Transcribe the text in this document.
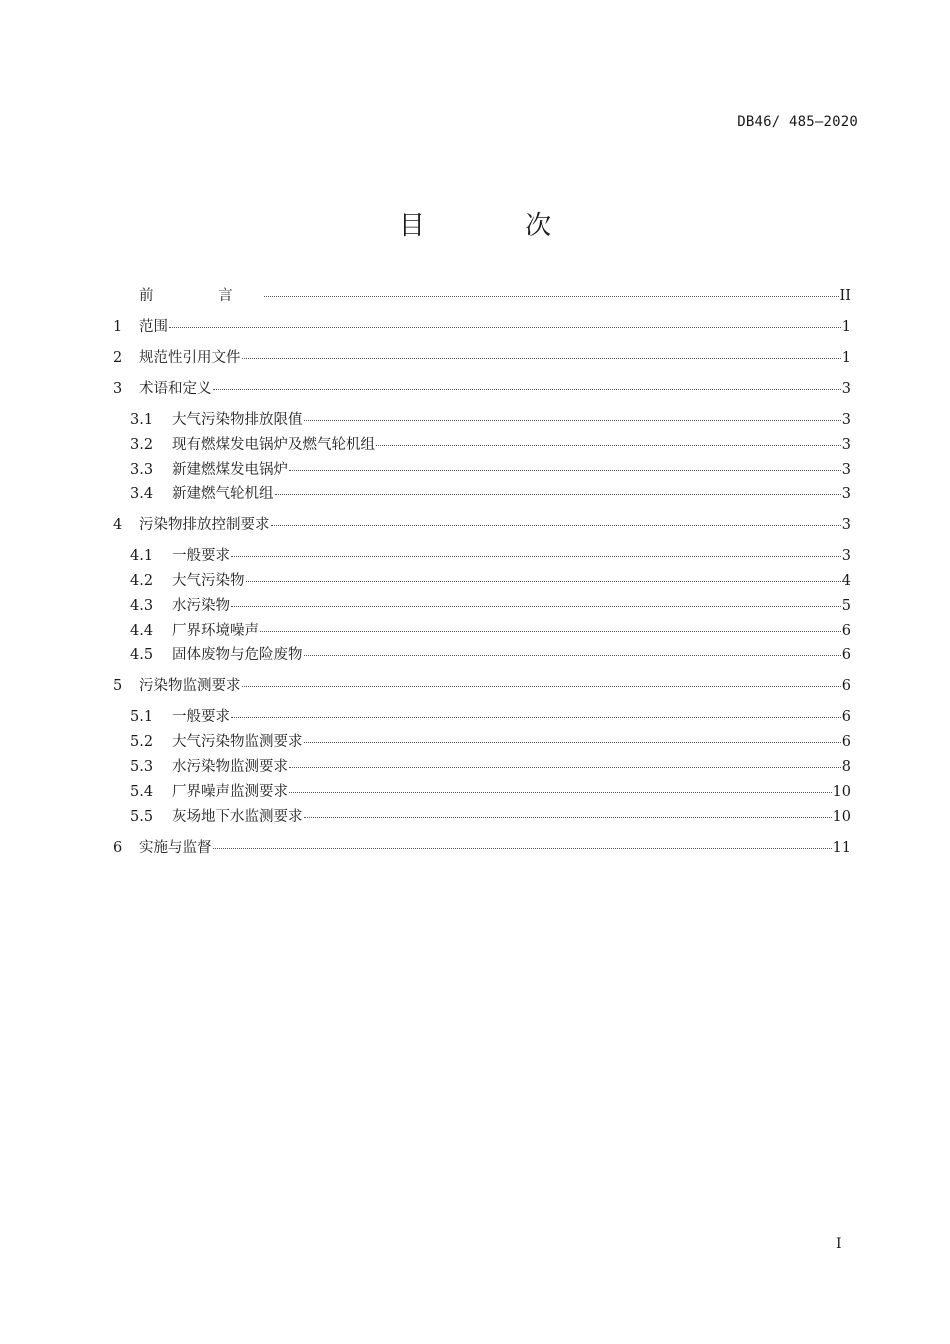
DB46/ 485—2020
目 次
前 言	II
1	范围	1
2	规范性引用文件	1
3	术语和定义	3
3.1	大气污染物排放限值	3
3.2	现有燃煤发电锅炉及燃气轮机组	3
3.3	新建燃煤发电锅炉	3
3.4	新建燃气轮机组	3
4	污染物排放控制要求	3
4.1	一般要求	3
4.2	大气污染物	4
4.3	水污染物	5
4.4	厂界环境噪声	6
4.5	固体废物与危险废物	6
5	污染物监测要求	6
5.1	一般要求	6
5.2	大气污染物监测要求	6
5.3	水污染物监测要求	8
5.4	厂界噪声监测要求	10
5.5	灰场地下水监测要求	10
6	实施与监督	11
I
